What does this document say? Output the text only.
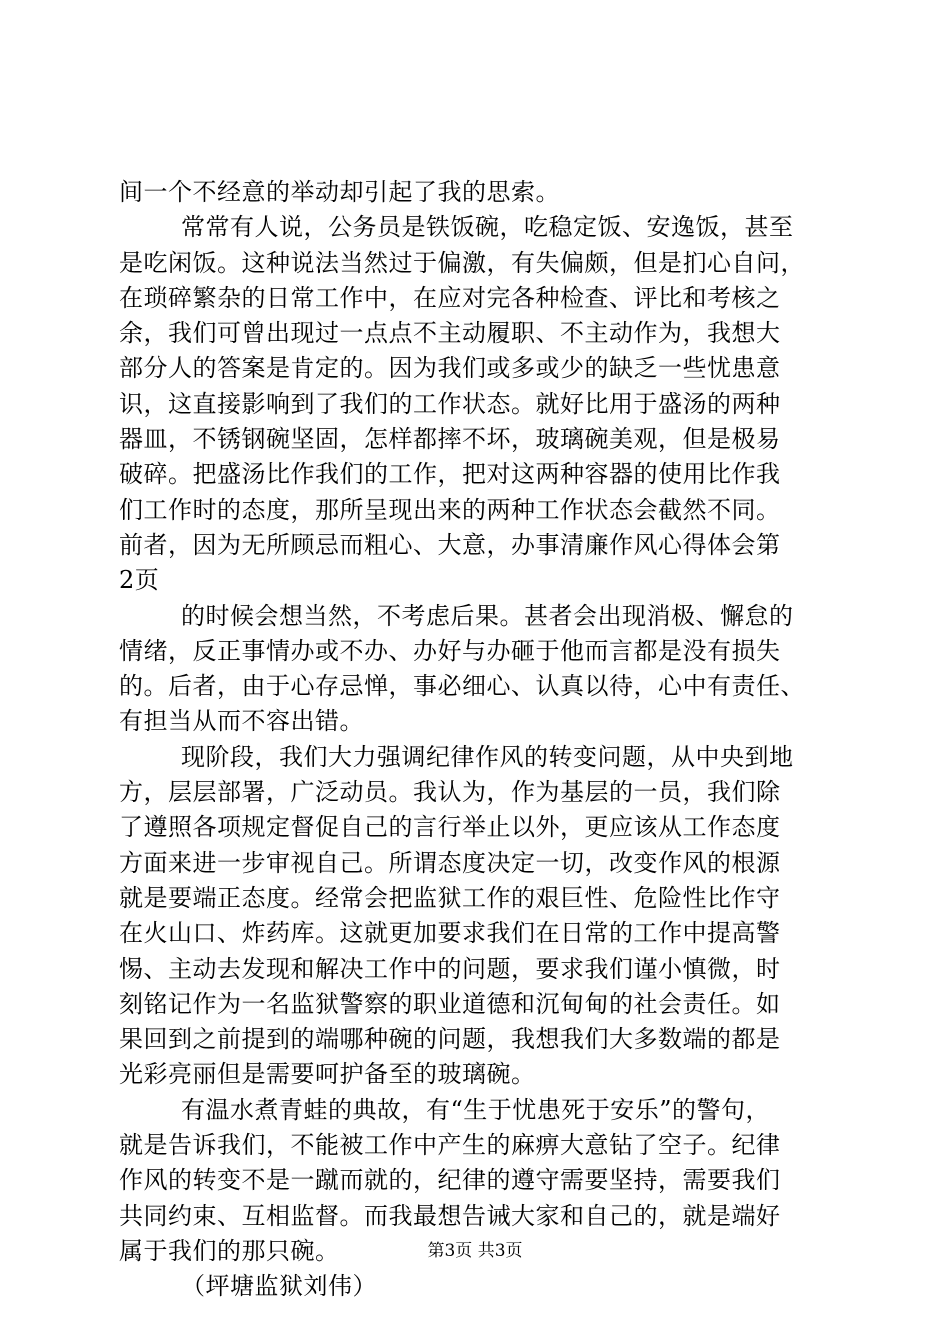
间一个不经意的举动却引起了我的思索。
常常有人说，公务员是铁饭碗，吃稳定饭、安逸饭，甚至
是吃闲饭。这种说法当然过于偏激，有失偏颇，但是扪心自问，
在琐碎繁杂的日常工作中，在应对完各种检查、评比和考核之
余，我们可曾出现过一点点不主动履职、不主动作为，我想大
部分人的答案是肯定的。因为我们或多或少的缺乏一些忧患意
识，这直接影响到了我们的工作状态。就好比用于盛汤的两种
器皿，不锈钢碗坚固，怎样都摔不坏，玻璃碗美观，但是极易
破碎。把盛汤比作我们的工作，把对这两种容器的使用比作我
们工作时的态度，那所呈现出来的两种工作状态会截然不同。
前者，因为无所顾忌而粗心、大意，办事清廉作风心得体会第
2页
的时候会想当然，不考虑后果。甚者会出现消极、懈怠的
情绪，反正事情办或不办、办好与办砸于他而言都是没有损失
的。后者，由于心存忌惮，事必细心、认真以待，心中有责任、
有担当从而不容出错。
现阶段，我们大力强调纪律作风的转变问题，从中央到地
方，层层部署，广泛动员。我认为，作为基层的一员，我们除
了遵照各项规定督促自己的言行举止以外，更应该从工作态度
方面来进一步审视自己。所谓态度决定一切，改变作风的根源
就是要端正态度。经常会把监狱工作的艰巨性、危险性比作守
在火山口、炸药库。这就更加要求我们在日常的工作中提高警
惕、主动去发现和解决工作中的问题，要求我们谨小慎微，时
刻铭记作为一名监狱警察的职业道德和沉甸甸的社会责任。如
果回到之前提到的端哪种碗的问题，我想我们大多数端的都是
光彩亮丽但是需要呵护备至的玻璃碗。
有温水煮青蛙的典故，有“生于忧患死于安乐”的警句，
就是告诉我们，不能被工作中产生的麻痹大意钻了空子。纪律
作风的转变不是一蹴而就的，纪律的遵守需要坚持，需要我们
共同约束、互相监督。而我最想告诫大家和自己的，就是端好
属于我们的那只碗。
（坪塘监狱刘伟）
第3页 共3页
